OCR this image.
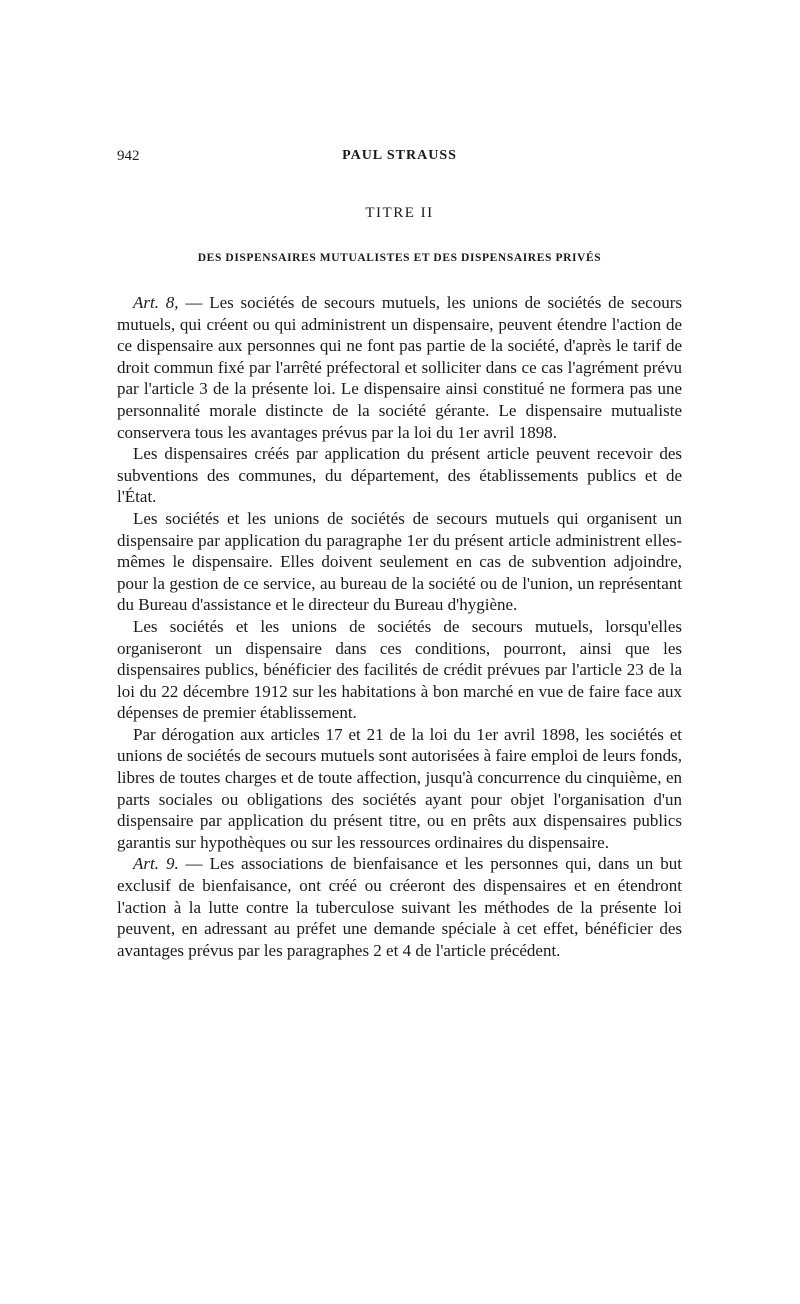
942	PAUL STRAUSS
TITRE II
DES DISPENSAIRES MUTUALISTES ET DES DISPENSAIRES PRIVÉS

Art. 8, — Les sociétés de secours mutuels, les unions de sociétés de secours mutuels, qui créent ou qui administrent un dispensaire, peuvent étendre l'action de ce dispensaire aux personnes qui ne font pas partie de la société, d'après le tarif de droit commun fixé par l'arrêté préfectoral et solliciter dans ce cas l'agrément prévu par l'article 3 de la présente loi. Le dispensaire ainsi constitué ne formera pas une personnalité morale distincte de la société gérante. Le dispensaire mutualiste conservera tous les avantages prévus par la loi du 1er avril 1898.

Les dispensaires créés par application du présent article peuvent recevoir des subventions des communes, du département, des établissements publics et de l'État.

Les sociétés et les unions de sociétés de secours mutuels qui organisent un dispensaire par application du paragraphe 1er du présent article administrent elles-mêmes le dispensaire. Elles doivent seulement en cas de subvention adjoindre, pour la gestion de ce service, au bureau de la société ou de l'union, un représentant du Bureau d'assistance et le directeur du Bureau d'hygiène.

Les sociétés et les unions de sociétés de secours mutuels, lorsqu'elles organiseront un dispensaire dans ces conditions, pourront, ainsi que les dispensaires publics, bénéficier des facilités de crédit prévues par l'article 23 de la loi du 22 décembre 1912 sur les habitations à bon marché en vue de faire face aux dépenses de premier établissement.

Par dérogation aux articles 17 et 21 de la loi du 1er avril 1898, les sociétés et unions de sociétés de secours mutuels sont autorisées à faire emploi de leurs fonds, libres de toutes charges et de toute affection, jusqu'à concurrence du cinquième, en parts sociales ou obligations des sociétés ayant pour objet l'organisation d'un dispensaire par application du présent titre, ou en prêts aux dispensaires publics garantis sur hypothèques ou sur les ressources ordinaires du dispensaire.

Art. 9. — Les associations de bienfaisance et les personnes qui, dans un but exclusif de bienfaisance, ont créé ou créeront des dispensaires et en étendront l'action à la lutte contre la tuberculose suivant les méthodes de la présente loi peuvent, en adressant au préfet une demande spéciale à cet effet, bénéficier des avantages prévus par les paragraphes 2 et 4 de l'article précédent.
